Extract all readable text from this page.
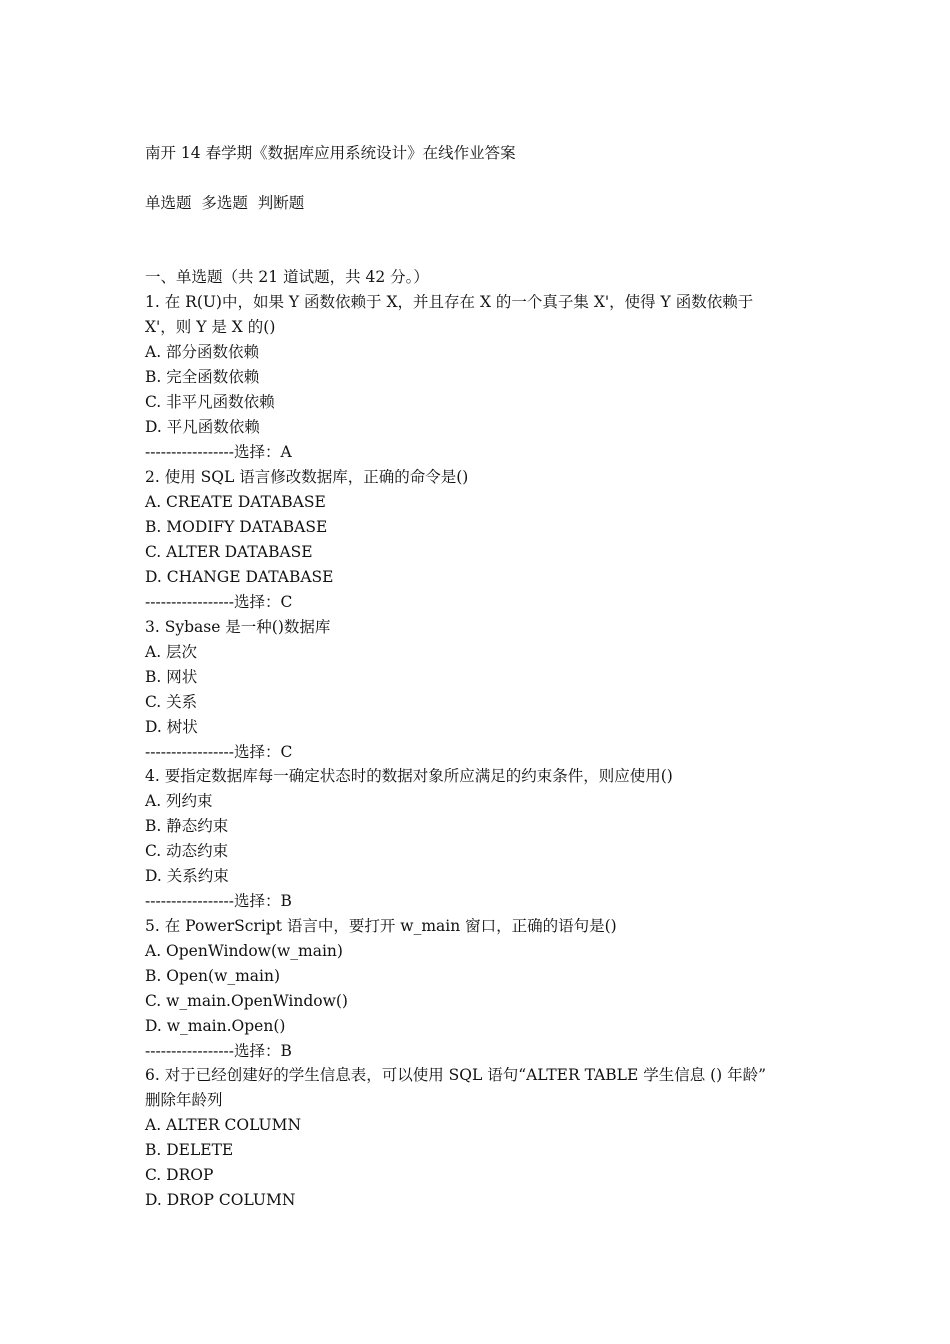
南开 14 春学期《数据库应用系统设计》在线作业答案
单选题 多选题 判断题
一、单选题（共 21 道试题，共 42 分。）
1. 在 R(U)中，如果 Y 函数依赖于 X，并且存在 X 的一个真子集 X'，使得 Y 函数依赖于
X'，则 Y 是 X 的()
A. 部分函数依赖
B. 完全函数依赖
C. 非平凡函数依赖
D. 平凡函数依赖
-----------------选择：A
2. 使用 SQL 语言修改数据库，正确的命令是()
A. CREATE DATABASE
B. MODIFY DATABASE
C. ALTER DATABASE
D. CHANGE DATABASE
-----------------选择：C
3. Sybase 是一种()数据库
A. 层次
B. 网状
C. 关系
D. 树状
-----------------选择：C
4. 要指定数据库每一确定状态时的数据对象所应满足的约束条件，则应使用()
A. 列约束
B. 静态约束
C. 动态约束
D. 关系约束
-----------------选择：B
5. 在 PowerScript 语言中，要打开 w_main 窗口，正确的语句是()
A. OpenWindow(w_main)
B. Open(w_main)
C. w_main.OpenWindow()
D. w_main.Open()
-----------------选择：B
6. 对于已经创建好的学生信息表，可以使用 SQL 语句“ALTER TABLE 学生信息 () 年龄”
删除年龄列
A. ALTER COLUMN
B. DELETE
C. DROP
D. DROP COLUMN
